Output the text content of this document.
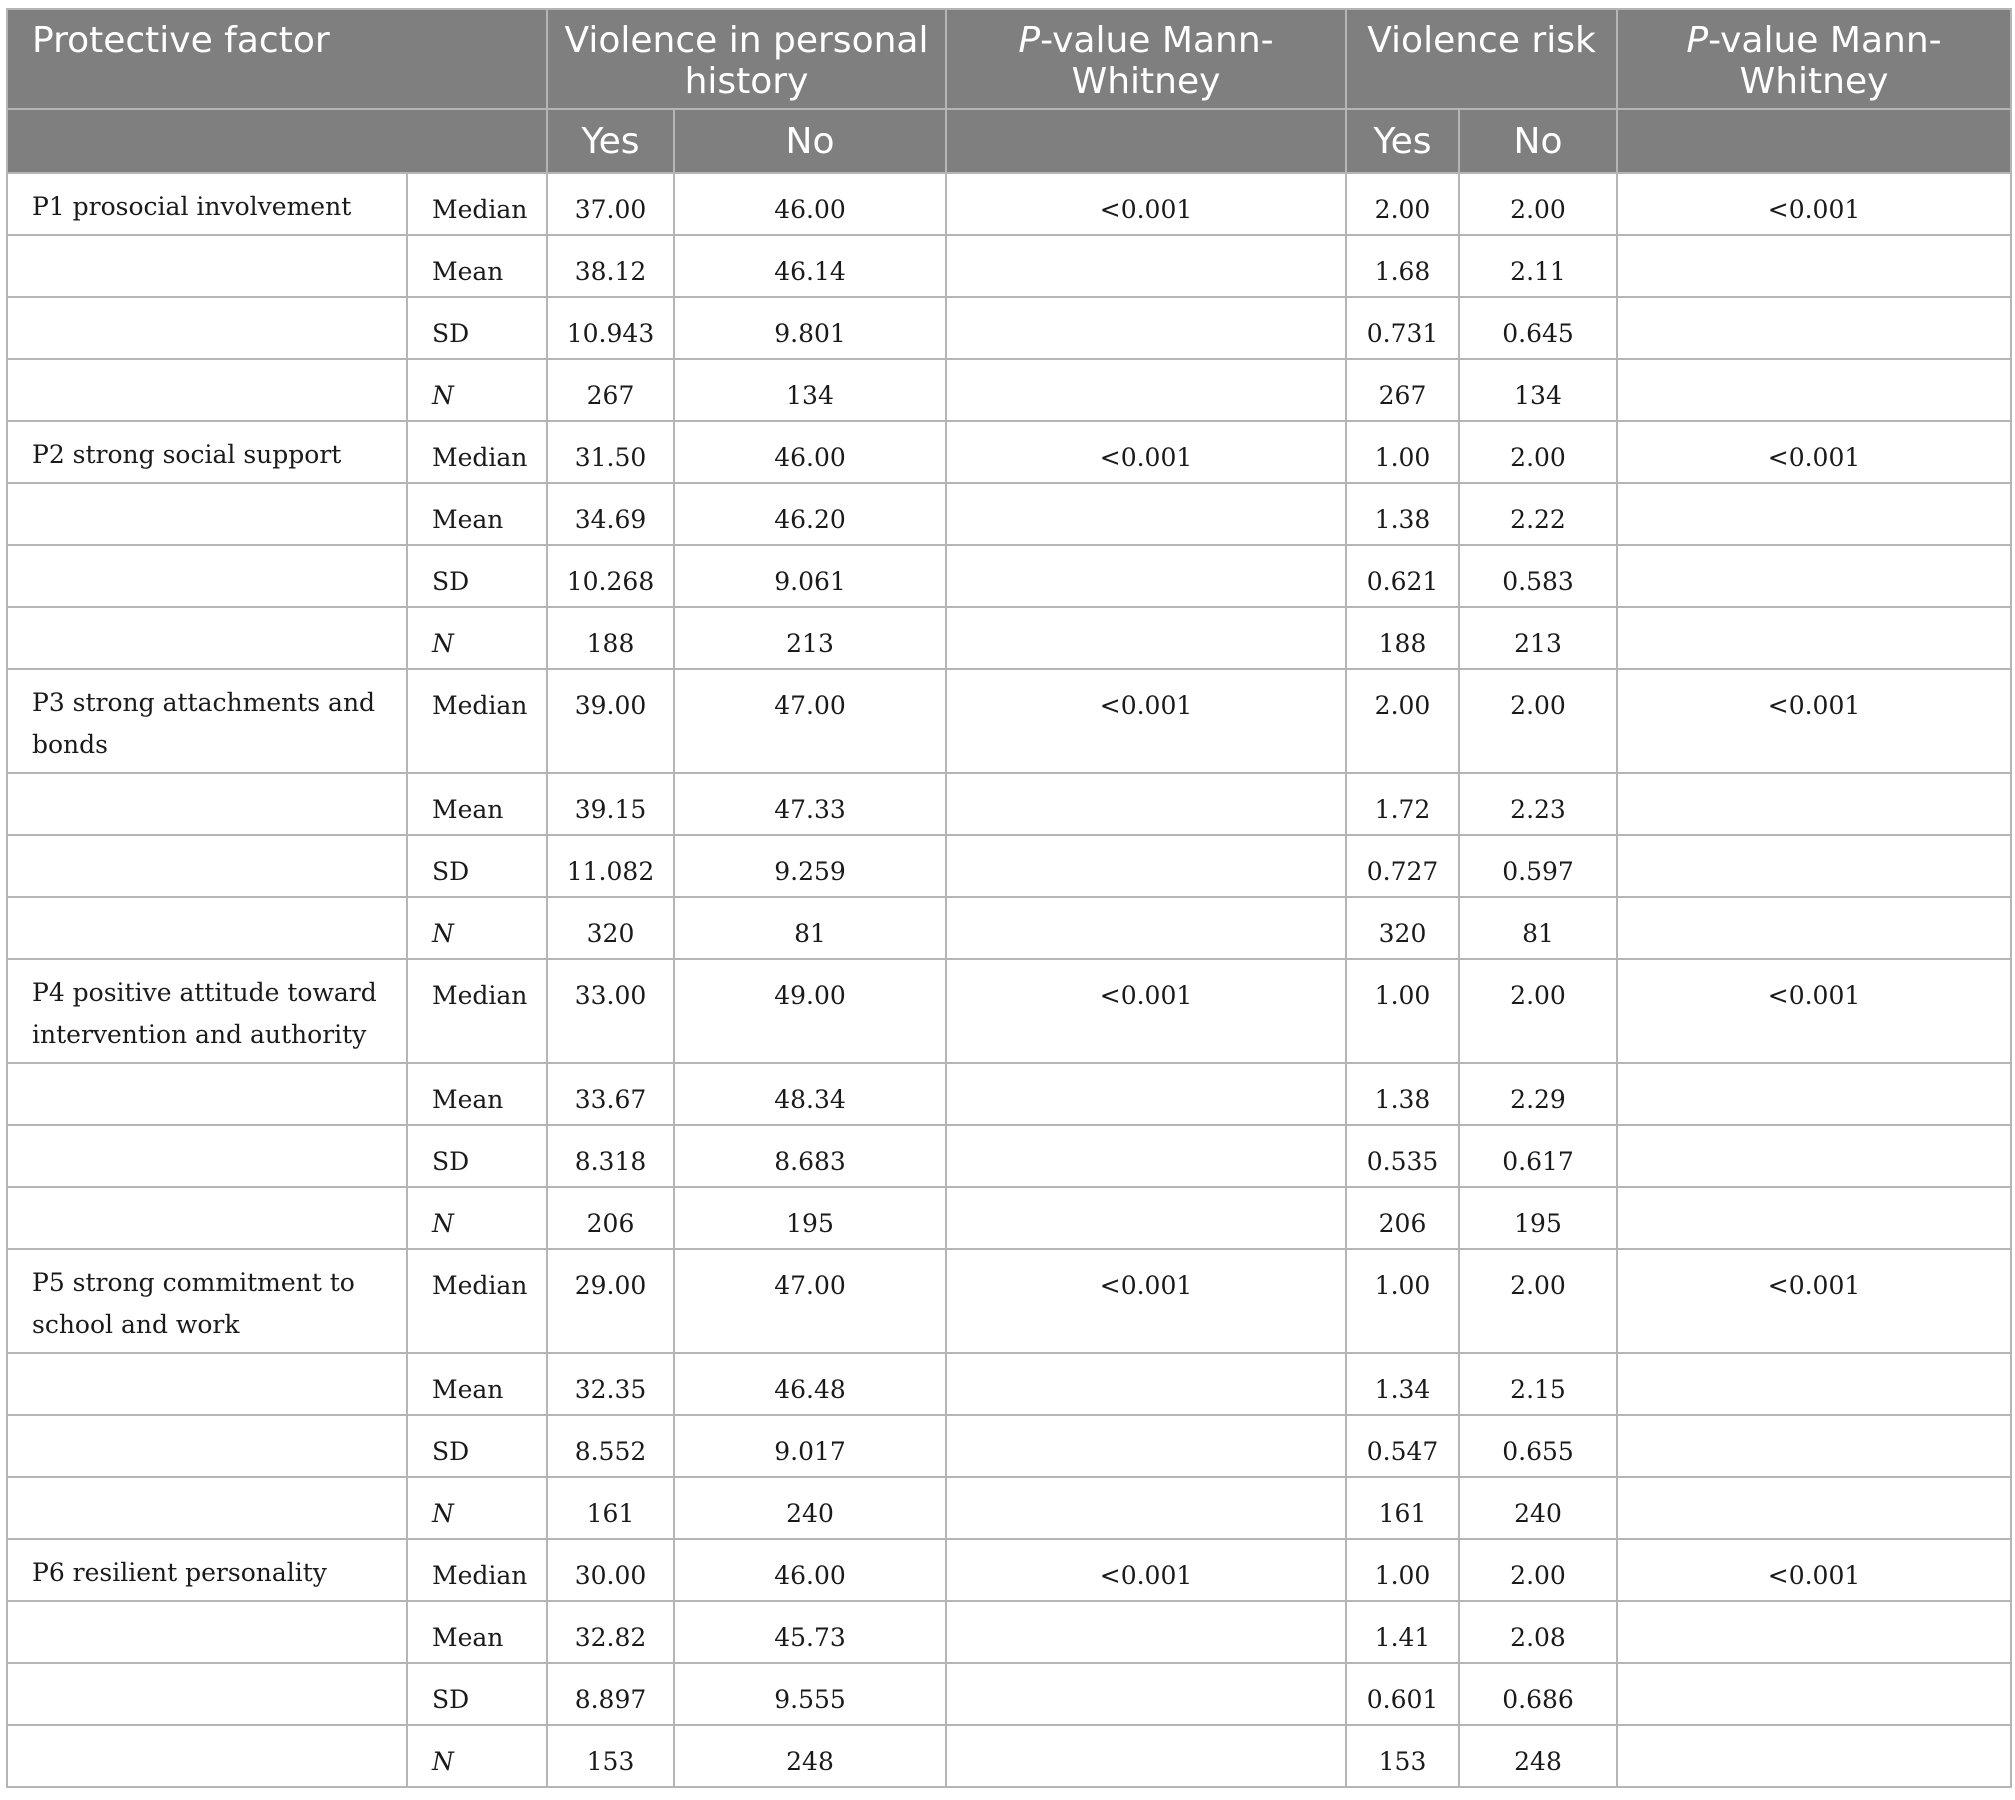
Protective factor		Violence in personal history		P-value Mann-Whitney	Violence risk		P-value Mann-Whitney
		Yes	No		Yes	No	
P1 prosocial involvement	Median	37.00	46.00	<0.001	2.00	2.00	<0.001
	Mean	38.12	46.14		1.68	2.11	
	SD	10.943	9.801		0.731	0.645	
	N	267	134		267	134	
P2 strong social support	Median	31.50	46.00	<0.001	1.00	2.00	<0.001
	Mean	34.69	46.20		1.38	2.22	
	SD	10.268	9.061		0.621	0.583	
	N	188	213		188	213	
P3 strong attachments and bonds	Median	39.00	47.00	<0.001	2.00	2.00	<0.001
	Mean	39.15	47.33		1.72	2.23	
	SD	11.082	9.259		0.727	0.597	
	N	320	81		320	81	
P4 positive attitude toward intervention and authority	Median	33.00	49.00	<0.001	1.00	2.00	<0.001
	Mean	33.67	48.34		1.38	2.29	
	SD	8.318	8.683		0.535	0.617	
	N	206	195		206	195	
P5 strong commitment to school and work	Median	29.00	47.00	<0.001	1.00	2.00	<0.001
	Mean	32.35	46.48		1.34	2.15	
	SD	8.552	9.017		0.547	0.655	
	N	161	240		161	240	
P6 resilient personality	Median	30.00	46.00	<0.001	1.00	2.00	<0.001
	Mean	32.82	45.73		1.41	2.08	
	SD	8.897	9.555		0.601	0.686	
	N	153	248		153	248	
